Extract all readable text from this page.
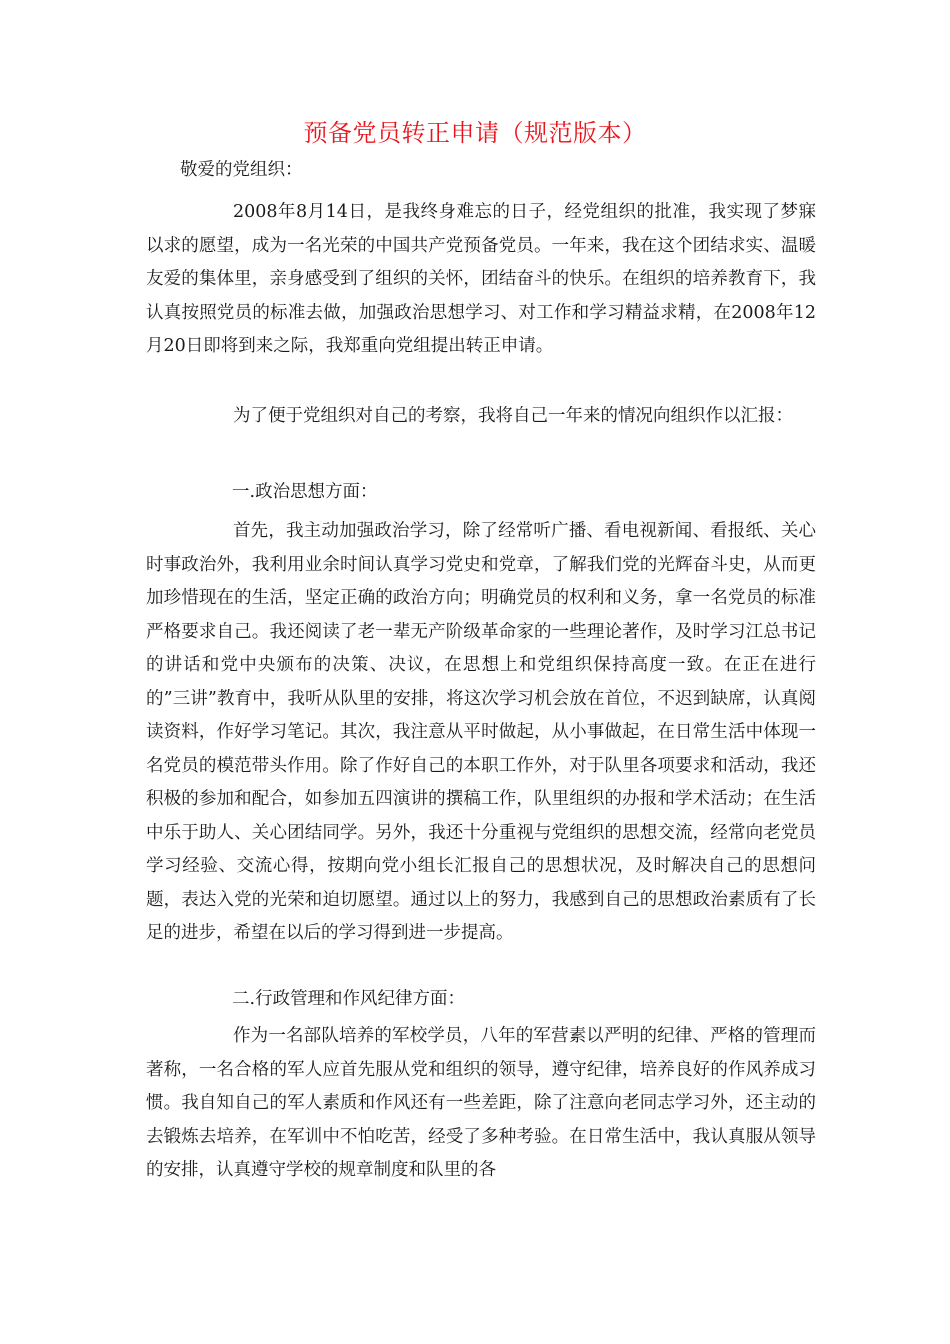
预备党员转正申请（规范版本）
敬爱的党组织：

2008年8月14日，是我终身难忘的日子，经党组织的批准，我实现了梦寐以求的愿望，成为一名光荣的中国共产党预备党员。一年来，我在这个团结求实、温暖友爱的集体里，亲身感受到了组织的关怀，团结奋斗的快乐。在组织的培养教育下，我认真按照党员的标准去做，加强政治思想学习、对工作和学习精益求精，在2008年12月20日即将到来之际，我郑重向党组提出转正申请。

为了便于党组织对自己的考察，我将自己一年来的情况向组织作以汇报：

一.政治思想方面：

首先，我主动加强政治学习，除了经常听广播、看电视新闻、看报纸、关心时事政治外，我利用业余时间认真学习党史和党章，了解我们党的光辉奋斗史，从而更加珍惜现在的生活，坚定正确的政治方向；明确党员的权利和义务，拿一名党员的标准严格要求自己。我还阅读了老一辈无产阶级革命家的一些理论著作，及时学习江总书记的讲话和党中央颁布的决策、决议，在思想上和党组织保持高度一致。在正在进行的”三讲”教育中，我听从队里的安排，将这次学习机会放在首位，不迟到缺席，认真阅读资料，作好学习笔记。其次，我注意从平时做起，从小事做起，在日常生活中体现一名党员的模范带头作用。除了作好自己的本职工作外，对于队里各项要求和活动，我还积极的参加和配合，如参加五四演讲的撰稿工作，队里组织的办报和学术活动；在生活中乐于助人、关心团结同学。另外，我还十分重视与党组织的思想交流，经常向老党员学习经验、交流心得，按期向党小组长汇报自己的思想状况，及时解决自己的思想问题，表达入党的光荣和迫切愿望。通过以上的努力，我感到自己的思想政治素质有了长足的进步，希望在以后的学习得到进一步提高。

二.行政管理和作风纪律方面：

作为一名部队培养的军校学员，八年的军营素以严明的纪律、严格的管理而著称，一名合格的军人应首先服从党和组织的领导，遵守纪律，培养良好的作风养成习惯。我自知自己的军人素质和作风还有一些差距，除了注意向老同志学习外，还主动的去锻炼去培养，在军训中不怕吃苦，经受了多种考验。在日常生活中，我认真服从领导的安排，认真遵守学校的规章制度和队里的各
